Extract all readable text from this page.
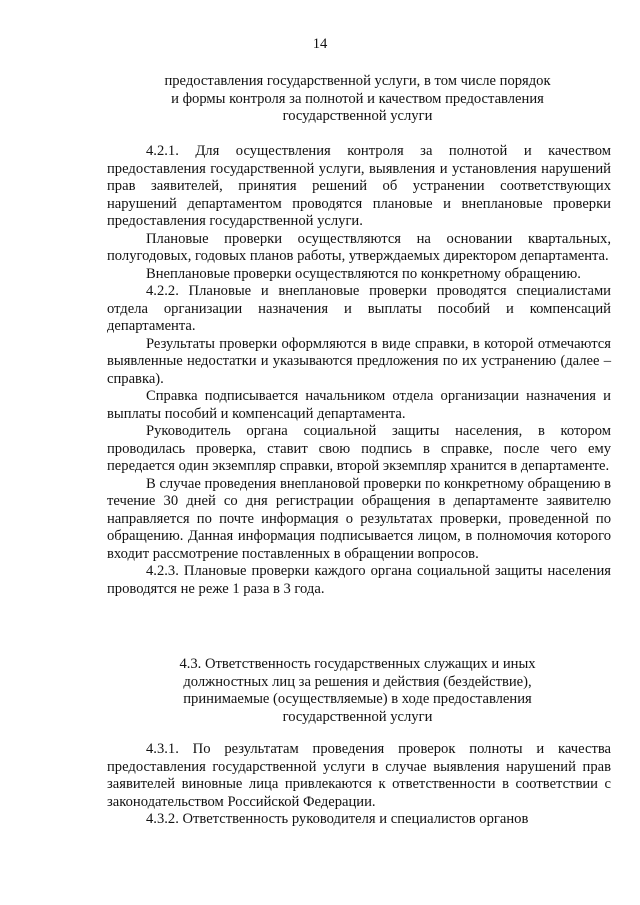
14
предоставления государственной услуги, в том числе порядок
и формы контроля за полнотой и качеством предоставления
государственной услуги

4.2.1. Для осуществления контроля за полнотой и качеством предоставления государственной услуги, выявления и установления нарушений прав заявителей, принятия решений об устранении соответствующих нарушений департаментом проводятся плановые и внеплановые проверки предоставления государственной услуги.

Плановые проверки осуществляются на основании квартальных, полугодовых, годовых планов работы, утверждаемых директором департамента.

Внеплановые проверки осуществляются по конкретному обращению.

4.2.2. Плановые и внеплановые проверки проводятся специалистами отдела организации назначения и выплаты пособий и компенсаций департамента.

Результаты проверки оформляются в виде справки, в которой отмечаются выявленные недостатки и указываются предложения по их устранению (далее – справка).

Справка подписывается начальником отдела организации назначения и выплаты пособий и компенсаций департамента.

Руководитель органа социальной защиты населения, в котором проводилась проверка, ставит свою подпись в справке, после чего ему передается один экземпляр справки, второй экземпляр хранится в департаменте.

В случае проведения внеплановой проверки по конкретному обращению в течение 30 дней со дня регистрации обращения в департаменте заявителю направляется по почте информация о результатах проверки, проведенной по обращению. Данная информация подписывается лицом, в полномочия которого входит рассмотрение поставленных в обращении вопросов.

4.2.3. Плановые проверки каждого органа социальной защиты населения проводятся не реже 1 раза в 3 года.

4.3. Ответственность государственных служащих и иных
должностных лиц за решения и действия (бездействие),
принимаемые (осуществляемые) в ходе предоставления
государственной услуги

4.3.1. По результатам проведения проверок полноты и качества предоставления государственной услуги в случае выявления нарушений прав заявителей виновные лица привлекаются к ответственности в соответствии с законодательством Российской Федерации.

4.3.2. Ответственность руководителя и специалистов органов
